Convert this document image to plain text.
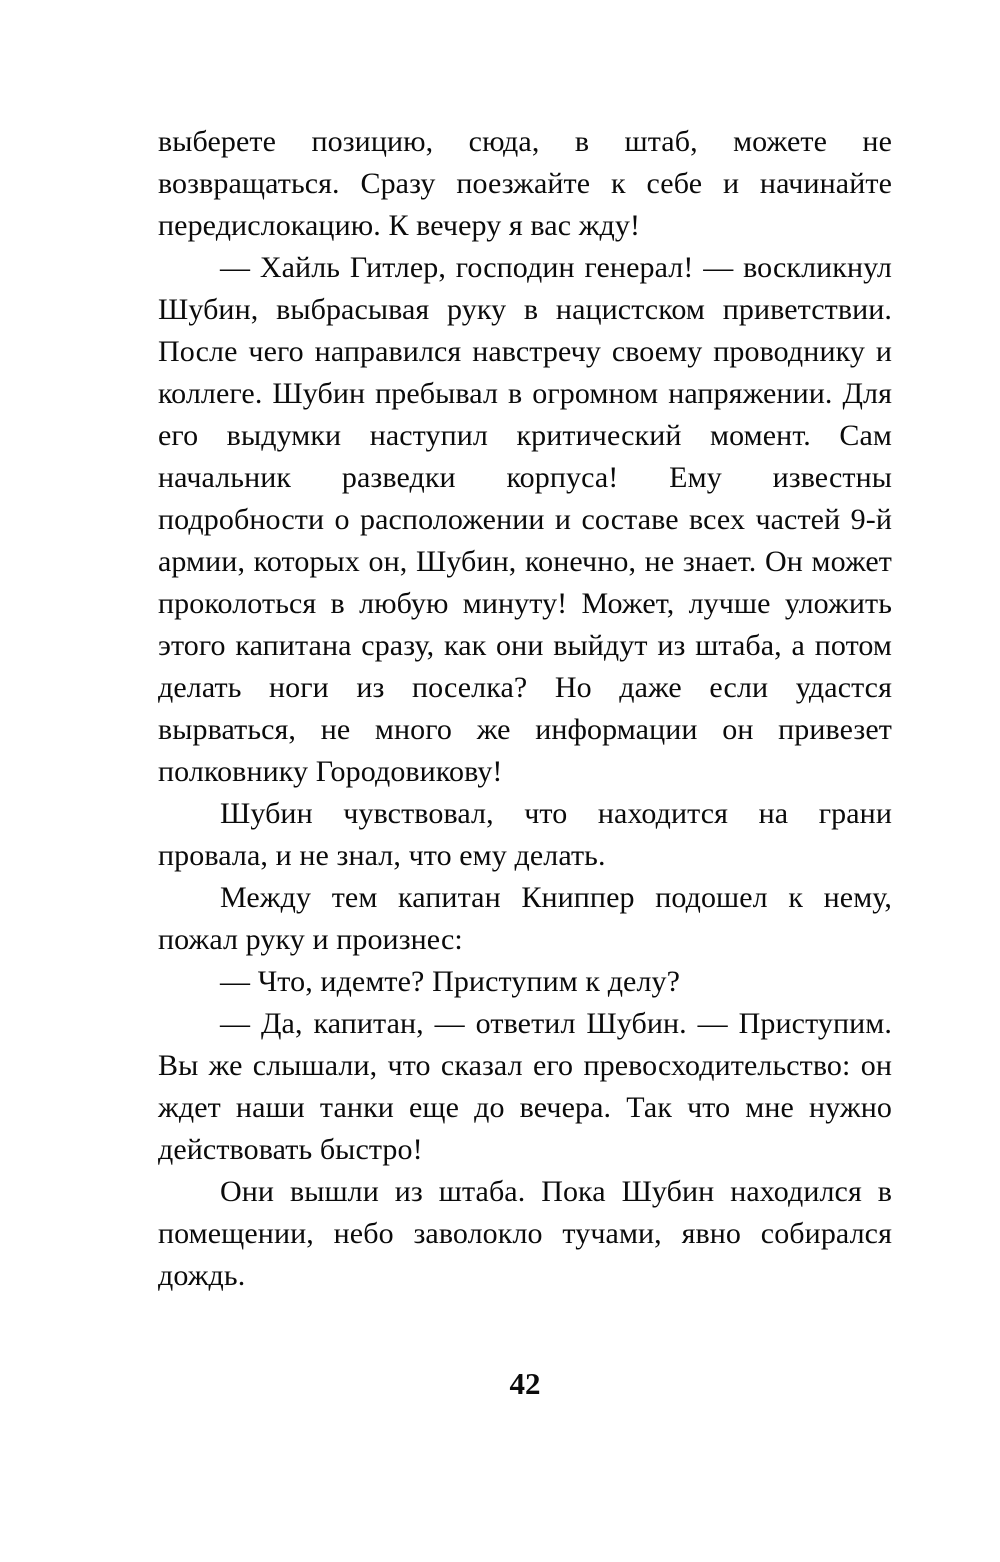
выберете позицию, сюда, в штаб, можете не возвращаться. Сразу поезжайте к себе и начинайте передислокацию. К вечеру я вас жду!

— Хайль Гитлер, господин генерал! — воскликнул Шубин, выбрасывая руку в нацистском приветствии. После чего направился навстречу своему проводнику и коллеге. Шубин пребывал в огромном напряжении. Для его выдумки наступил критический момент. Сам начальник разведки корпуса! Ему известны подробности о расположении и составе всех частей 9-й армии, которых он, Шубин, конечно, не знает. Он может проколоться в любую минуту! Может, лучше уложить этого капитана сразу, как они выйдут из штаба, а потом делать ноги из поселка? Но даже если удастся вырваться, не много же информации он привезет полковнику Городовикову!

Шубин чувствовал, что находится на грани провала, и не знал, что ему делать.

Между тем капитан Книппер подошел к нему, пожал руку и произнес:

— Что, идемте? Приступим к делу?

— Да, капитан, — ответил Шубин. — Приступим. Вы же слышали, что сказал его превосходительство: он ждет наши танки еще до вечера. Так что мне нужно действовать быстро!

Они вышли из штаба. Пока Шубин находился в помещении, небо заволокло тучами, явно собирался дождь.

42
